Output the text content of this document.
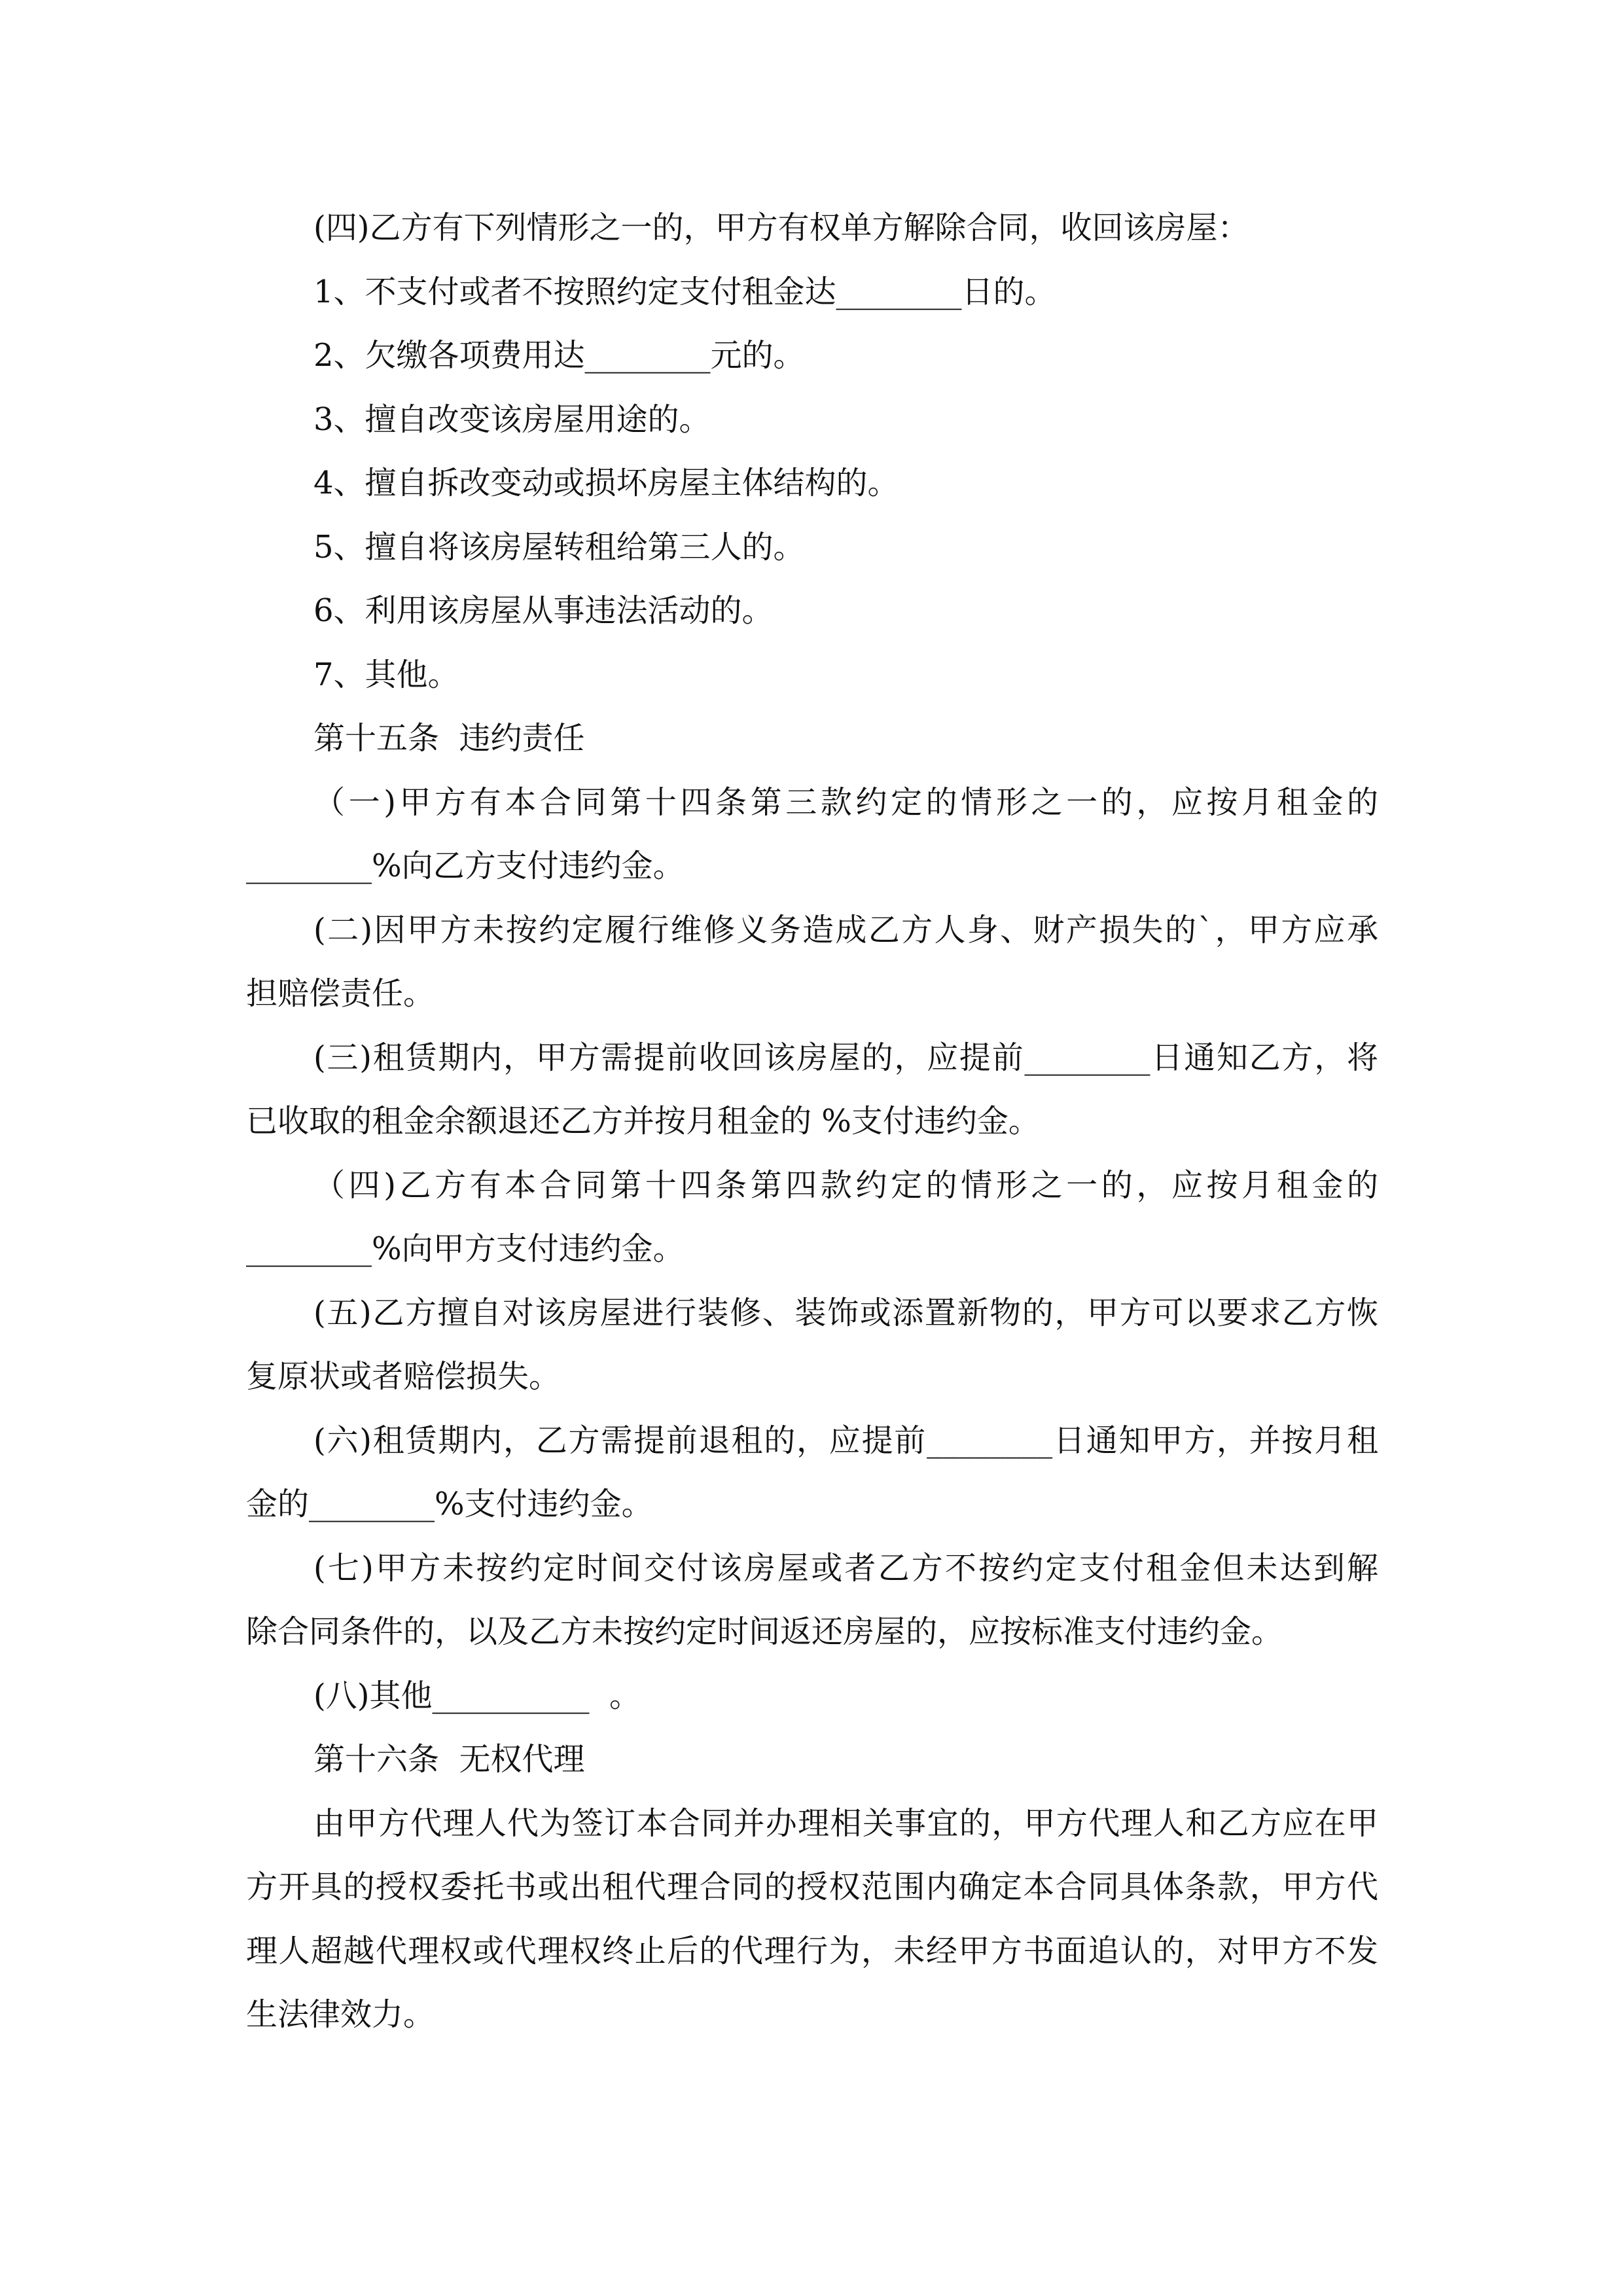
(四)乙方有下列情形之一的，甲方有权单方解除合同，收回该房屋：
1、不支付或者不按照约定支付租金达________日的。
2、欠缴各项费用达________元的。
3、擅自改变该房屋用途的。
4、擅自拆改变动或损坏房屋主体结构的。
5、擅自将该房屋转租给第三人的。
6、利用该房屋从事违法活动的。
7、其他。
第十五条  违约责任
（一)甲方有本合同第十四条第三款约定的情形之一的，应按月租金的
________%向乙方支付违约金。
(二)因甲方未按约定履行维修义务造成乙方人身、财产损失的`，甲方应承
担赔偿责任。
(三)租赁期内，甲方需提前收回该房屋的，应提前________日通知乙方，将
已收取的租金余额退还乙方并按月租金的 %支付违约金。
（四)乙方有本合同第十四条第四款约定的情形之一的，应按月租金的
________%向甲方支付违约金。
(五)乙方擅自对该房屋进行装修、装饰或添置新物的，甲方可以要求乙方恢
复原状或者赔偿损失。
(六)租赁期内，乙方需提前退租的，应提前________日通知甲方，并按月租
金的________%支付违约金。
(七)甲方未按约定时间交付该房屋或者乙方不按约定支付租金但未达到解
除合同条件的，以及乙方未按约定时间返还房屋的，应按标准支付违约金。
(八)其他__________  。
第十六条  无权代理
由甲方代理人代为签订本合同并办理相关事宜的，甲方代理人和乙方应在甲
方开具的授权委托书或出租代理合同的授权范围内确定本合同具体条款，甲方代
理人超越代理权或代理权终止后的代理行为，未经甲方书面追认的，对甲方不发
生法律效力。
